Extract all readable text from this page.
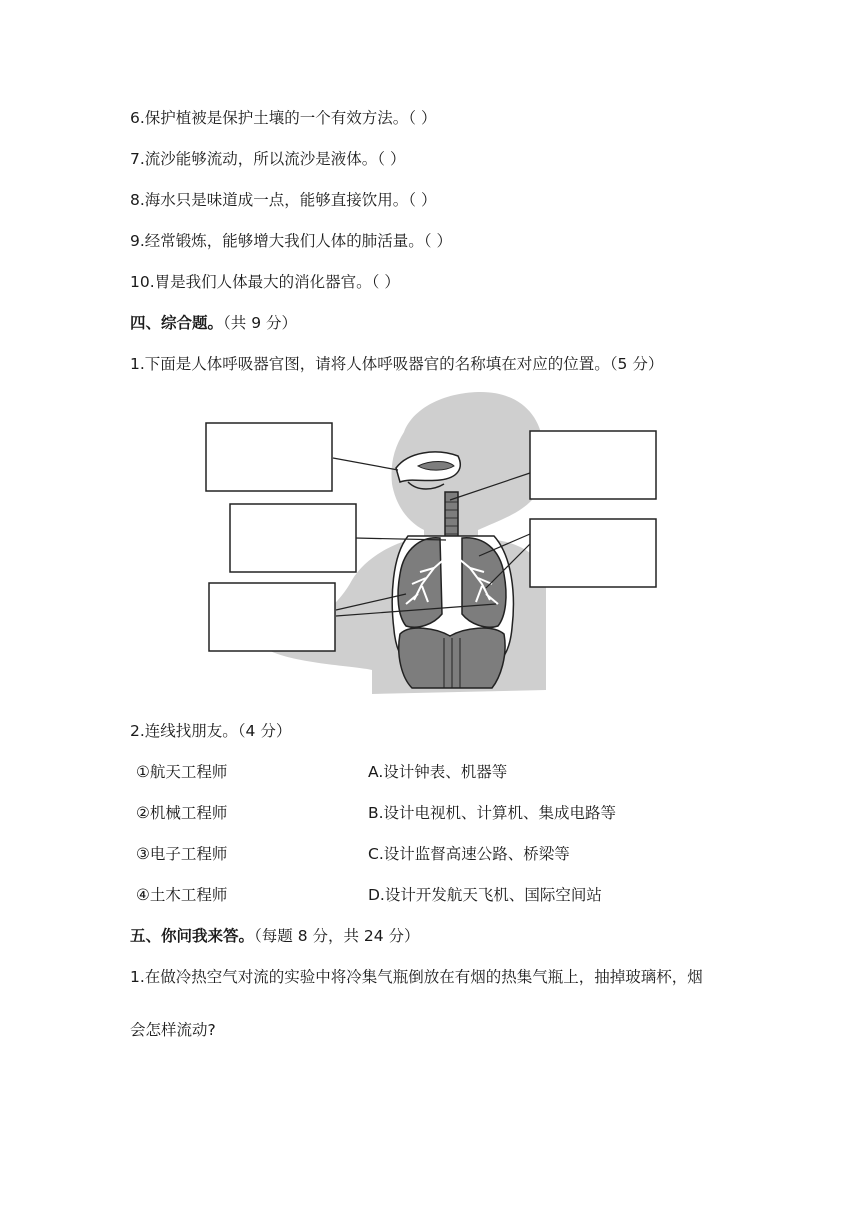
6.保护植被是保护土壤的一个有效方法。（ ）
7.流沙能够流动，所以流沙是液体。（ ）
8.海水只是味道成一点，能够直接饮用。（ ）
9.经常锻炼，能够增大我们人体的肺活量。（ ）
10.胃是我们人体最大的消化器官。（ ）
四、综合题。（共 9 分）
1.下面是人体呼吸器官图，请将人体呼吸器官的名称填在对应的位置。（5 分）
2.连线找朋友。（4 分）
①航天工程师	A.设计钟表、机器等
②机械工程师	B.设计电视机、计算机、集成电路等
③电子工程师	C.设计监督高速公路、桥梁等
④土木工程师	D.设计开发航天飞机、国际空间站
五、你问我来答。（每题 8 分，共 24 分）
1.在做冷热空气对流的实验中将冷集气瓶倒放在有烟的热集气瓶上，抽掉玻璃杯，烟
会怎样流动?
